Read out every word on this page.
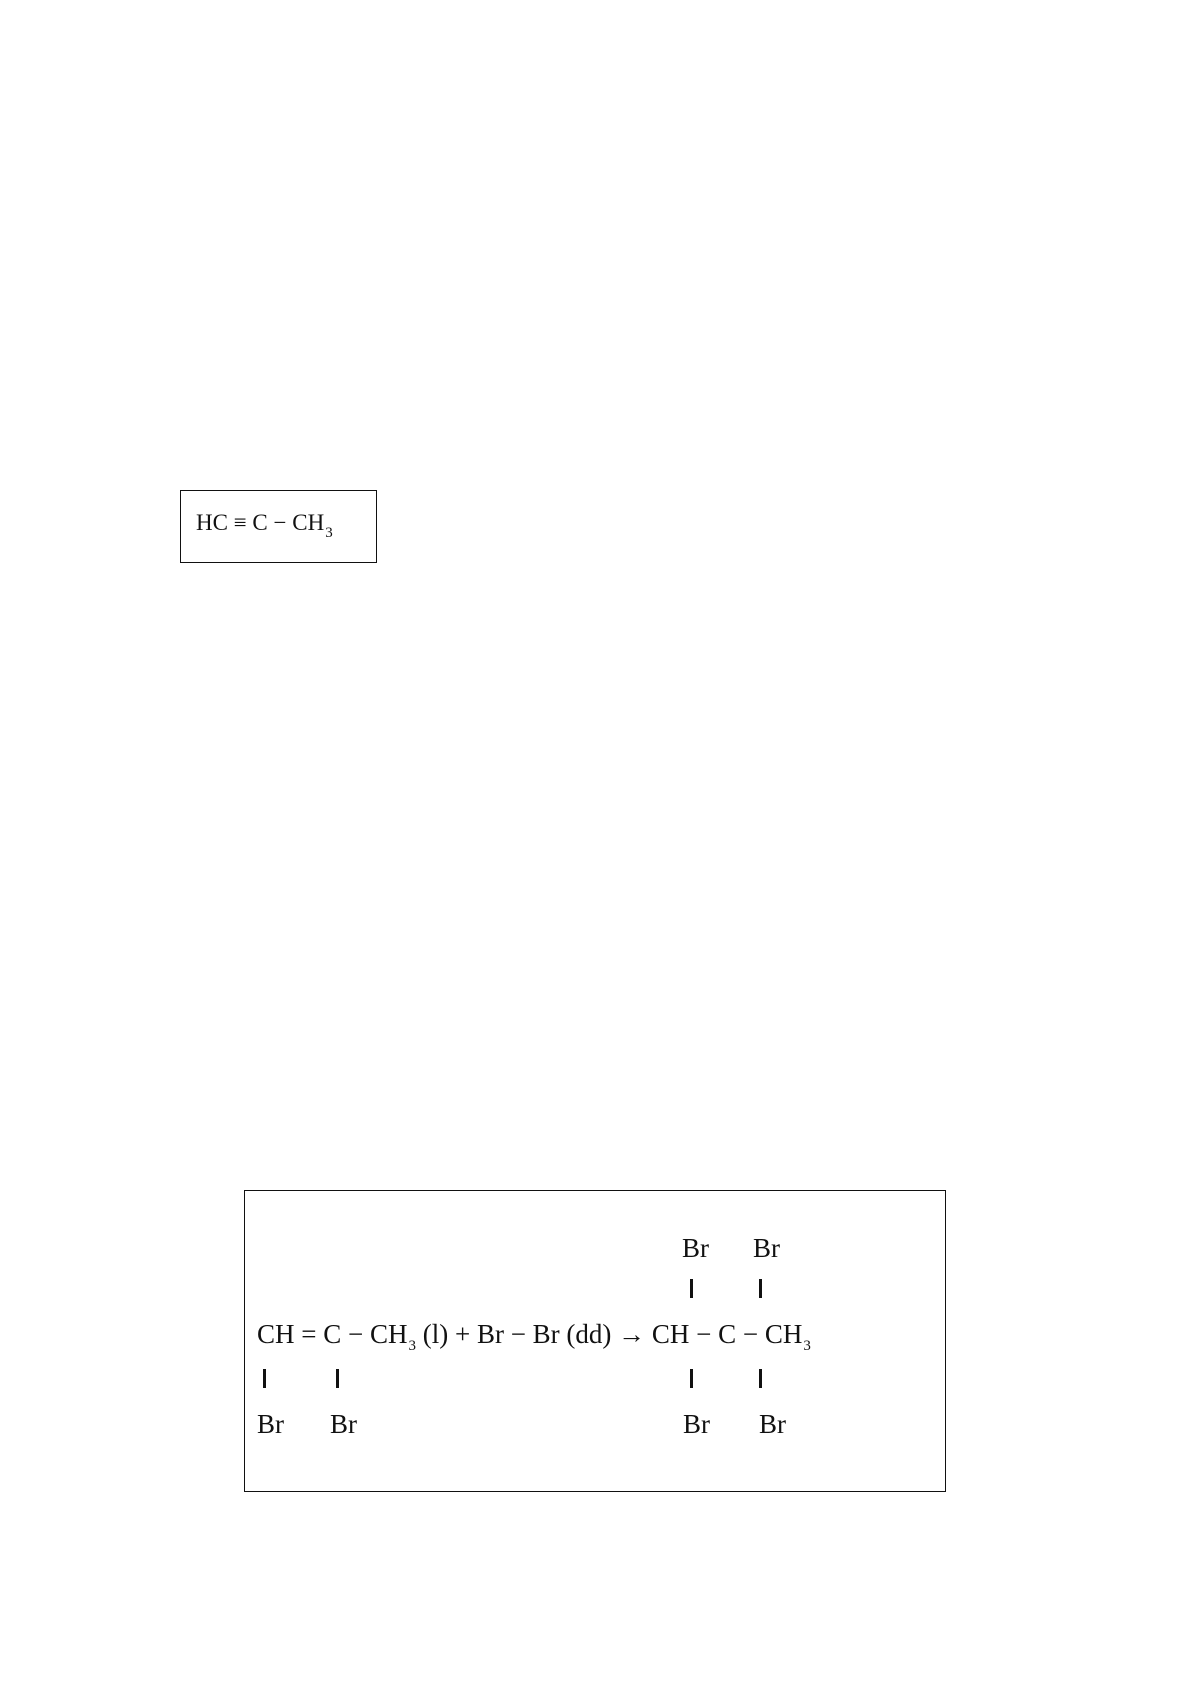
HC ≡ $C - CH_3$
Br Br
CH = $C - CH_3$ (l) + Br − Br (dd) → CH − $C - CH_3$
Br Br	Br Br
